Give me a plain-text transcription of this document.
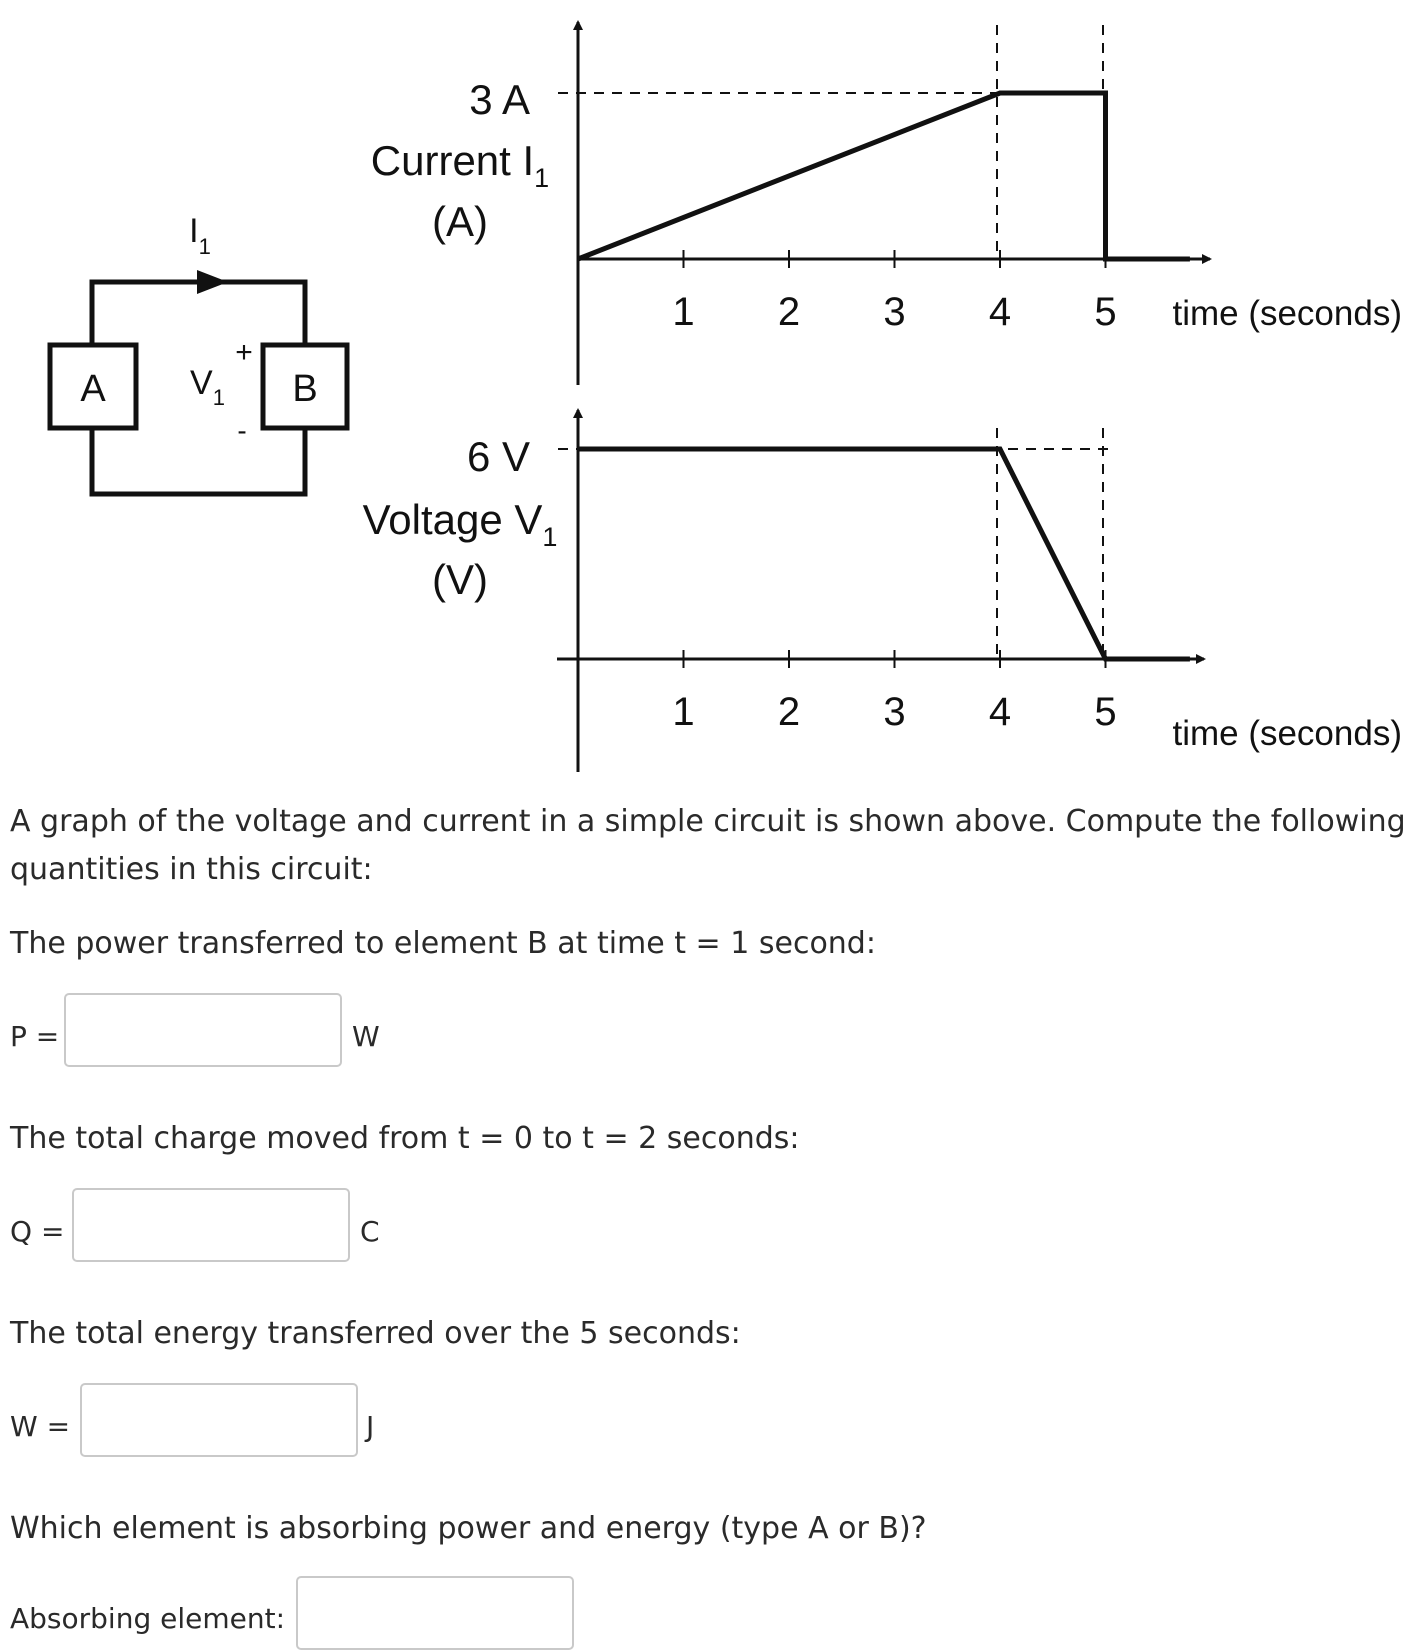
A	B
$I_1$
$V_1$
+
-
1 2 3 4 5
3 A
Current $I_1$
(A)
time (seconds)
1 2 3 4 5
6 V
Voltage $V_1$
(V)
time (seconds)
A graph of the voltage and current in a simple circuit is shown above. Compute the following
quantities in this circuit:
The power transferred to element B at time t = 1 second:
P =	W
The total charge moved from t = 0 to t = 2 seconds:
Q =	C
The total energy transferred over the 5 seconds:
W =	J
Which element is absorbing power and energy (type A or B)?
Absorbing element:
